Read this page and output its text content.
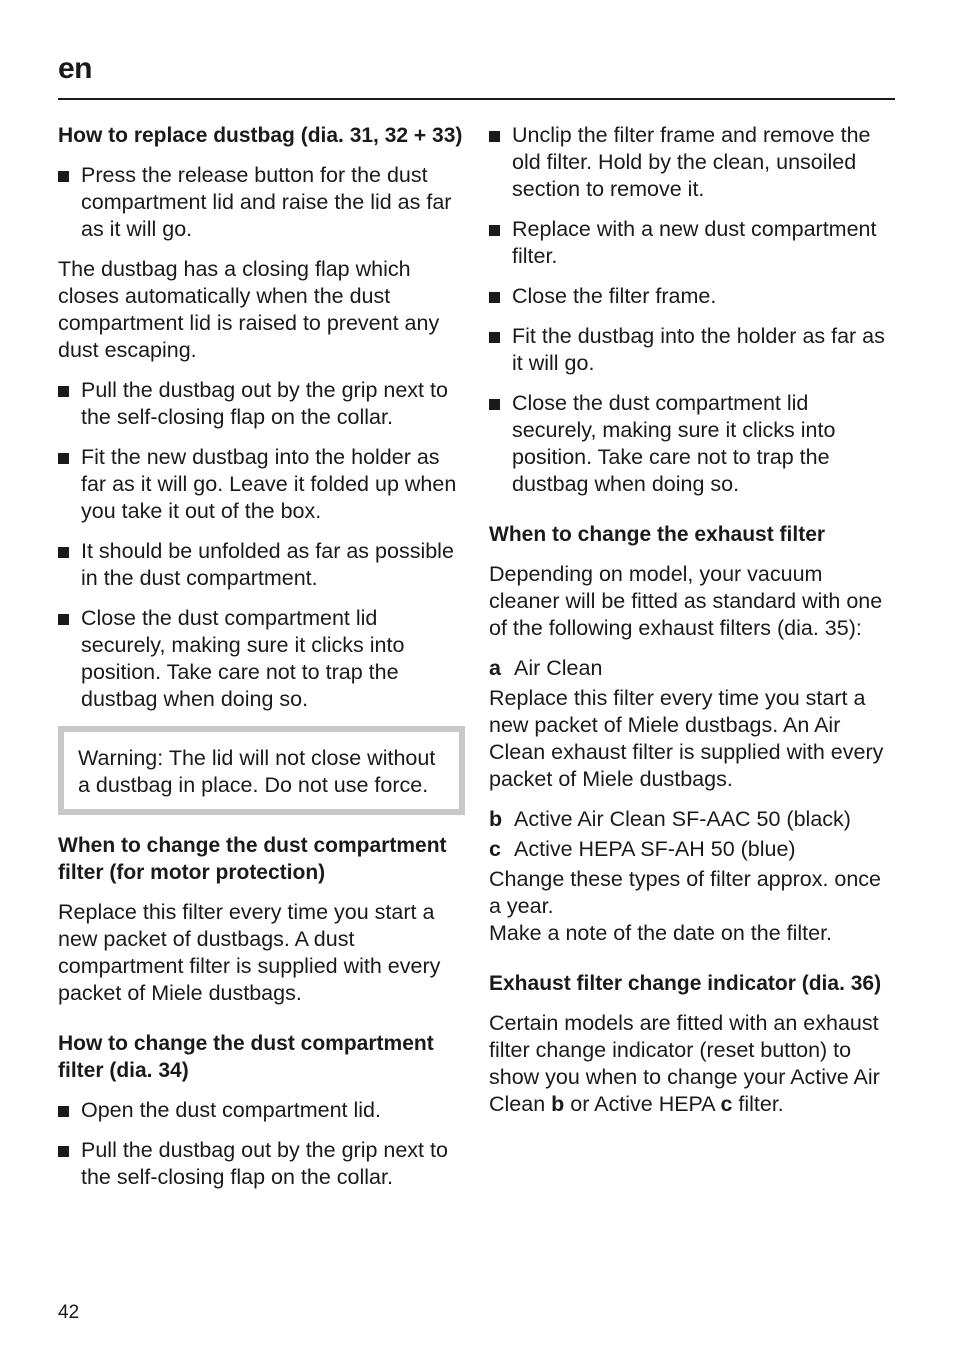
en
How to replace dustbag (dia. 31, 32 + 33)
Press the release button for the dust compartment lid and raise the lid as far as it will go.
The dustbag has a closing flap which closes automatically when the dust compartment lid is raised to prevent any dust escaping.
Pull the dustbag out by the grip next to the self-closing flap on the collar.
Fit the new dustbag into the holder as far as it will go. Leave it folded up when you take it out of the box.
It should be unfolded as far as possible in the dust compartment.
Close the dust compartment lid securely, making sure it clicks into position. Take care not to trap the dustbag when doing so.
Warning: The lid will not close without a dustbag in place. Do not use force.
When to change the dust compartment filter (for motor protection)
Replace this filter every time you start a new packet of dustbags. A dust compartment filter is supplied with every packet of Miele dustbags.
How to change the dust compartment filter (dia. 34)
Open the dust compartment lid.
Pull the dustbag out by the grip next to the self-closing flap on the collar.
Unclip the filter frame and remove the old filter. Hold by the clean, unsoiled section to remove it.
Replace with a new dust compartment filter.
Close the filter frame.
Fit the dustbag into the holder as far as it will go.
Close the dust compartment lid securely, making sure it clicks into position. Take care not to trap the dustbag when doing so.
When to change the exhaust filter
Depending on model, your vacuum cleaner will be fitted as standard with one of the following exhaust filters (dia. 35):
a Air Clean
Replace this filter every time you start a new packet of Miele dustbags. An Air Clean exhaust filter is supplied with every packet of Miele dustbags.
b Active Air Clean SF-AAC 50 (black)
c Active HEPA SF-AH 50 (blue)
Change these types of filter approx. once a year.
Make a note of the date on the filter.
Exhaust filter change indicator (dia. 36)
Certain models are fitted with an exhaust filter change indicator (reset button) to show you when to change your Active Air Clean b or Active HEPA c filter.
42
